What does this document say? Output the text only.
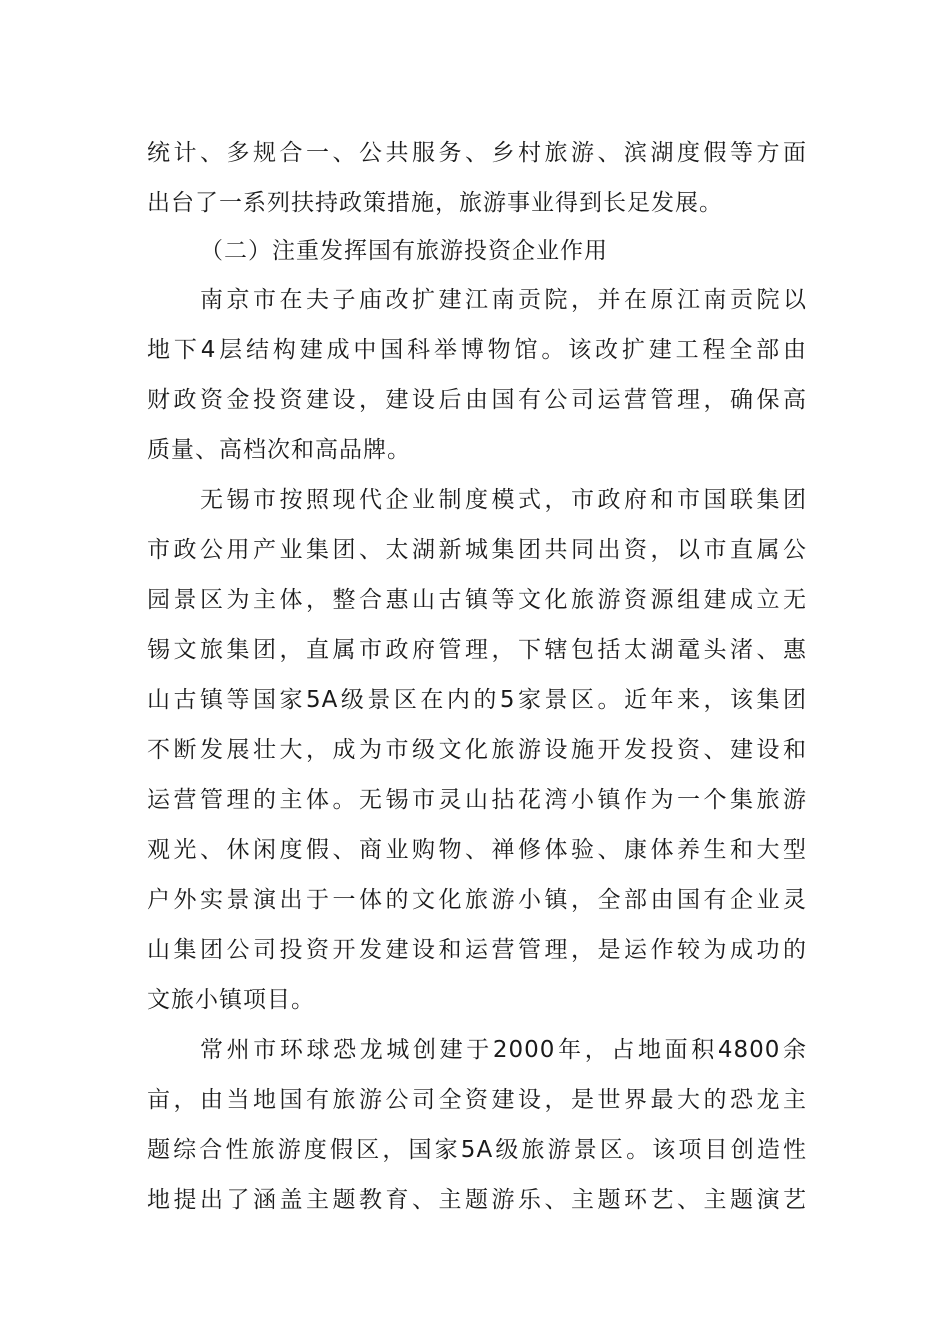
统计、多规合一、公共服务、乡村旅游、滨湖度假等方面
出台了一系列扶持政策措施，旅游事业得到长足发展。
（二）注重发挥国有旅游投资企业作用
南京市在夫子庙改扩建江南贡院，并在原江南贡院以
地下4层结构建成中国科举博物馆。该改扩建工程全部由
财政资金投资建设，建设后由国有公司运营管理，确保高
质量、高档次和高品牌。
无锡市按照现代企业制度模式，市政府和市国联集团
市政公用产业集团、太湖新城集团共同出资，以市直属公
园景区为主体，整合惠山古镇等文化旅游资源组建成立无
锡文旅集团，直属市政府管理，下辖包括太湖鼋头渚、惠
山古镇等国家5A级景区在内的5家景区。近年来，该集团
不断发展壮大，成为市级文化旅游设施开发投资、建设和
运营管理的主体。无锡市灵山拈花湾小镇作为一个集旅游
观光、休闲度假、商业购物、禅修体验、康体养生和大型
户外实景演出于一体的文化旅游小镇，全部由国有企业灵
山集团公司投资开发建设和运营管理，是运作较为成功的
文旅小镇项目。
常州市环球恐龙城创建于2000年，占地面积4800余
亩，由当地国有旅游公司全资建设，是世界最大的恐龙主
题综合性旅游度假区，国家5A级旅游景区。该项目创造性
地提出了涵盖主题教育、主题游乐、主题环艺、主题演艺
